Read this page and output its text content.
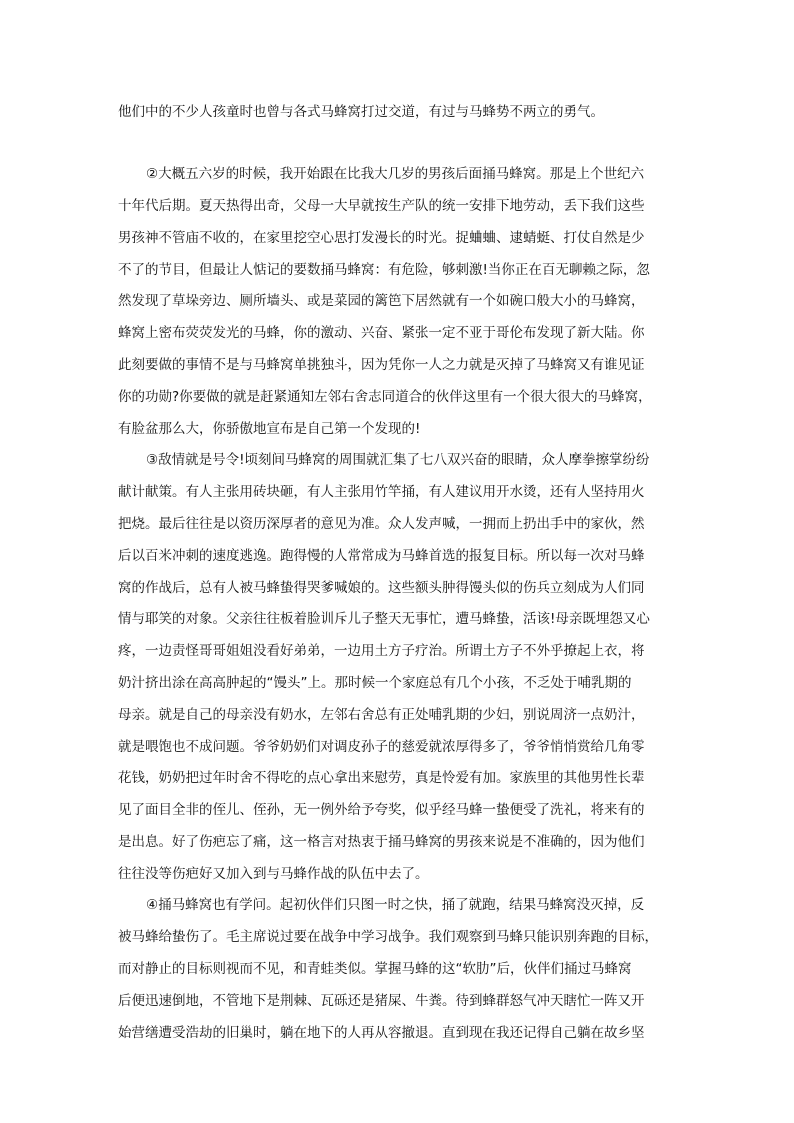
他们中的不少人孩童时也曾与各式马蜂窝打过交道，有过与马蜂势不两立的勇气。
②大概五六岁的时候，我开始跟在比我大几岁的男孩后面捅马蜂窝。那是上个世纪六
十年代后期。夏天热得出奇，父母一大早就按生产队的统一安排下地劳动，丢下我们这些
男孩神不管庙不收的，在家里挖空心思打发漫长的时光。捉蛐蛐、逮蜻蜓、打仗自然是少
不了的节目，但最让人惦记的要数捅马蜂窝：有危险，够刺激!当你正在百无聊赖之际，忽
然发现了草垛旁边、厕所墙头、或是菜园的篱笆下居然就有一个如碗口般大小的马蜂窝，
蜂窝上密布荧荧发光的马蜂，你的激动、兴奋、紧张一定不亚于哥伦布发现了新大陆。你
此刻要做的事情不是与马蜂窝单挑独斗，因为凭你一人之力就是灭掉了马蜂窝又有谁见证
你的功勋?你要做的就是赶紧通知左邻右舍志同道合的伙伴这里有一个很大很大的马蜂窝，
有脸盆那么大，你骄傲地宣布是自己第一个发现的!
③敌情就是号令!顷刻间马蜂窝的周围就汇集了七八双兴奋的眼睛，众人摩拳擦掌纷纷
献计献策。有人主张用砖块砸，有人主张用竹竿捅，有人建议用开水烫，还有人坚持用火
把烧。最后往往是以资历深厚者的意见为准。众人发声喊，一拥而上扔出手中的家伙，然
后以百米冲刺的速度逃逸。跑得慢的人常常成为马蜂首选的报复目标。所以每一次对马蜂
窝的作战后，总有人被马蜂蛰得哭爹喊娘的。这些额头肿得馒头似的伤兵立刻成为人们同
情与耶笑的对象。父亲往往板着脸训斥儿子整天无事忙，遭马蜂蛰，活该!母亲既埋怨又心
疼，一边责怪哥哥姐姐没看好弟弟，一边用土方子疗治。所谓土方子不外乎撩起上衣，将
奶汁挤出涂在高高肿起的“馒头”上。那时候一个家庭总有几个小孩，不乏处于哺乳期的
母亲。就是自己的母亲没有奶水，左邻右舍总有正处哺乳期的少妇，别说周济一点奶汁，
就是喂饱也不成问题。爷爷奶奶们对调皮孙子的慈爱就浓厚得多了，爷爷悄悄赏给几角零
花钱，奶奶把过年时舍不得吃的点心拿出来慰劳，真是怜爱有加。家族里的其他男性长辈
见了面目全非的侄儿、侄孙，无一例外给予夸奖，似乎经马蜂一蛰便受了洗礼，将来有的
是出息。好了伤疤忘了痛，这一格言对热衷于捅马蜂窝的男孩来说是不准确的，因为他们
往往没等伤疤好又加入到与马蜂作战的队伍中去了。
④捅马蜂窝也有学问。起初伙伴们只图一时之快，捅了就跑，结果马蜂窝没灭掉，反
被马蜂给蛰伤了。毛主席说过要在战争中学习战争。我们观察到马蜂只能识别奔跑的目标，
而对静止的目标则视而不见，和青蛙类似。掌握马蜂的这“软肋”后，伙伴们捅过马蜂窝
后便迅速倒地，不管地下是荆棘、瓦砾还是猪屎、牛粪。待到蜂群怒气冲天瞎忙一阵又开
始营缮遭受浩劫的旧巢时，躺在地下的人再从容撤退。直到现在我还记得自己躺在故乡坚
